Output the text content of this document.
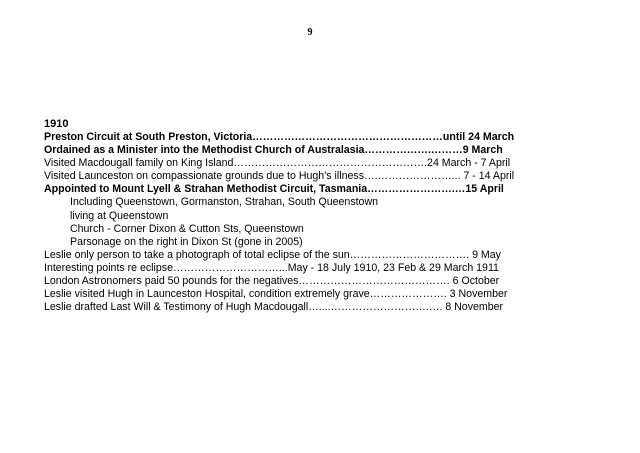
9
1910
Preston Circuit at South Preston, Victoria………………………………………………until 24 March
Ordained as a Minister into the Methodist Church of Australasia……………….………9 March
Visited Macdougall family on King Island……………………………………………….24 March - 7 April
Visited Launceston on compassionate grounds due to Hugh’s illness….…………………... 7 - 14 April
Appointed to Mount Lyell & Strahan Methodist Circuit, Tasmania…………………….…15 April
Including Queenstown, Gormanston, Strahan, South Queenstown
living at Queenstown
Church - Corner Dixon & Cutton Sts, Queenstown
Parsonage on the right in Dixon St (gone in 2005)
Leslie only person to take a photograph of total eclipse of the sun……………………………. 9 May
Interesting points re eclipse…………………………...May - 18 July 1910, 23 Feb & 29 March 1911
London Astronomers paid 50 pounds for the negatives……………………………………. 6 October
Leslie visited Hugh in Launceston Hospital, condition extremely grave…………………. 3 November
Leslie drafted Last Will & Testimony of Hugh Macdougall…....……………………….…. 8 November
